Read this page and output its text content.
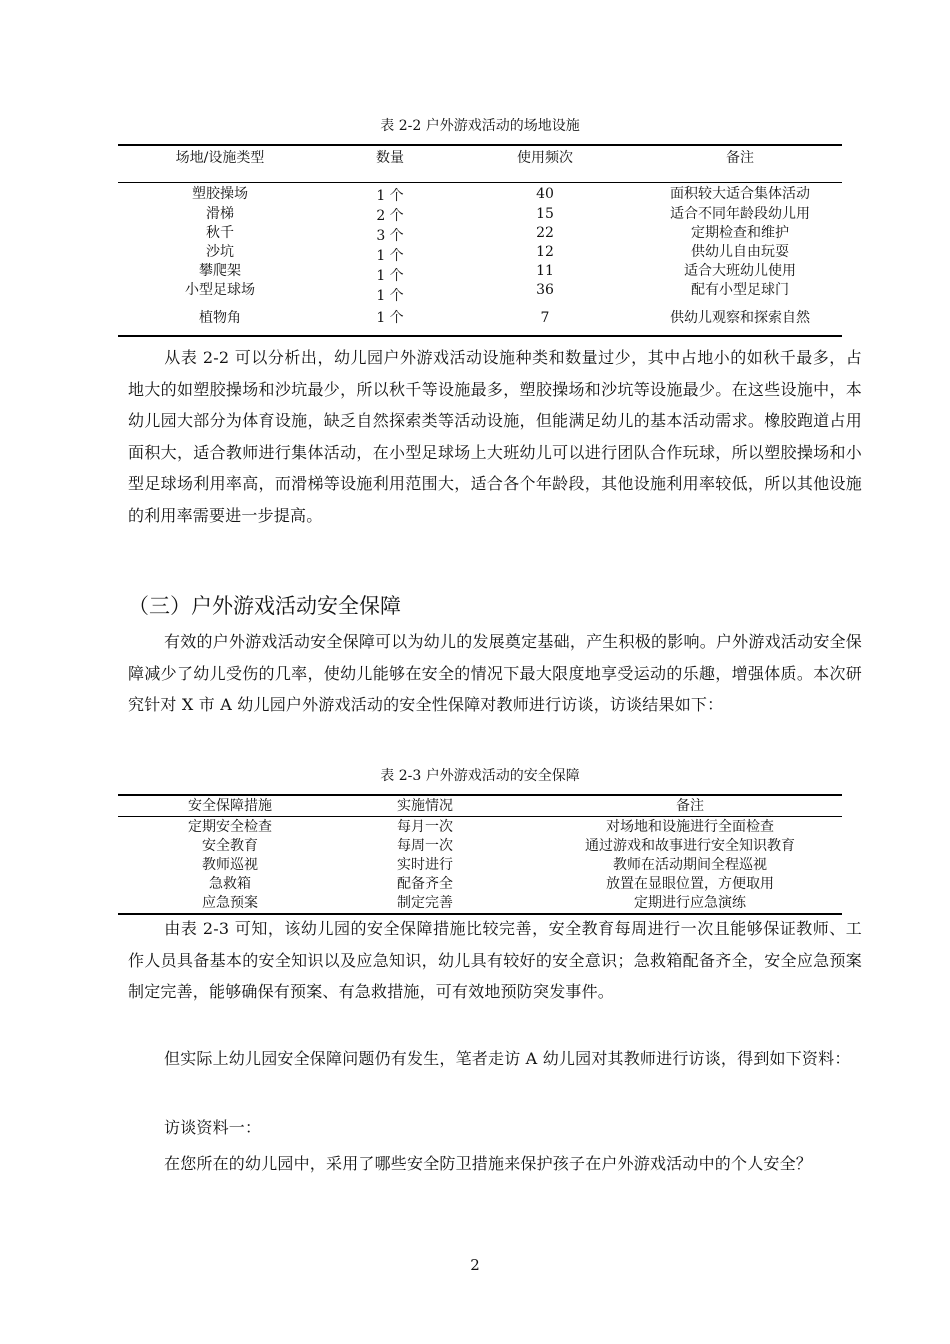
表 2-2 户外游戏活动的场地设施
场地/设施类型	数量	使用频次	备注
塑胶操场	1 个	40	面积较大适合集体活动
滑梯	2 个	15	适合不同年龄段幼儿用
秋千	3 个	22	定期检查和维护
沙坑	1 个	12	供幼儿自由玩耍
攀爬架	1 个	11	适合大班幼儿使用
小型足球场	1 个	36	配有小型足球门
植物角	1 个	7	供幼儿观察和探索自然
从表 2-2 可以分析出，幼儿园户外游戏活动设施种类和数量过少，其中占地小的如秋千最多，占地大的如塑胶操场和沙坑最少，所以秋千等设施最多，塑胶操场和沙坑等设施最少。在这些设施中，本幼儿园大部分为体育设施，缺乏自然探索类等活动设施，但能满足幼儿的基本活动需求。橡胶跑道占用面积大，适合教师进行集体活动，在小型足球场上大班幼儿可以进行团队合作玩球，所以塑胶操场和小型足球场利用率高，而滑梯等设施利用范围大，适合各个年龄段，其他设施利用率较低，所以其他设施的利用率需要进一步提高。
（三）户外游戏活动安全保障
有效的户外游戏活动安全保障可以为幼儿的发展奠定基础，产生积极的影响。户外游戏活动安全保障减少了幼儿受伤的几率，使幼儿能够在安全的情况下最大限度地享受运动的乐趣，增强体质。本次研究针对 X 市 A 幼儿园户外游戏活动的安全性保障对教师进行访谈，访谈结果如下：
表 2-3 户外游戏活动的安全保障
安全保障措施	实施情况	备注
定期安全检查	每月一次	对场地和设施进行全面检查
安全教育	每周一次	通过游戏和故事进行安全知识教育
教师巡视	实时进行	教师在活动期间全程巡视
急救箱	配备齐全	放置在显眼位置，方便取用
应急预案	制定完善	定期进行应急演练
由表 2-3 可知，该幼儿园的安全保障措施比较完善，安全教育每周进行一次且能够保证教师、工作人员具备基本的安全知识以及应急知识，幼儿具有较好的安全意识；急救箱配备齐全，安全应急预案制定完善，能够确保有预案、有急救措施，可有效地预防突发事件。
但实际上幼儿园安全保障问题仍有发生，笔者走访 A 幼儿园对其教师进行访谈，得到如下资料：
访谈资料一：
在您所在的幼儿园中，采用了哪些安全防卫措施来保护孩子在户外游戏活动中的个人安全？
2
